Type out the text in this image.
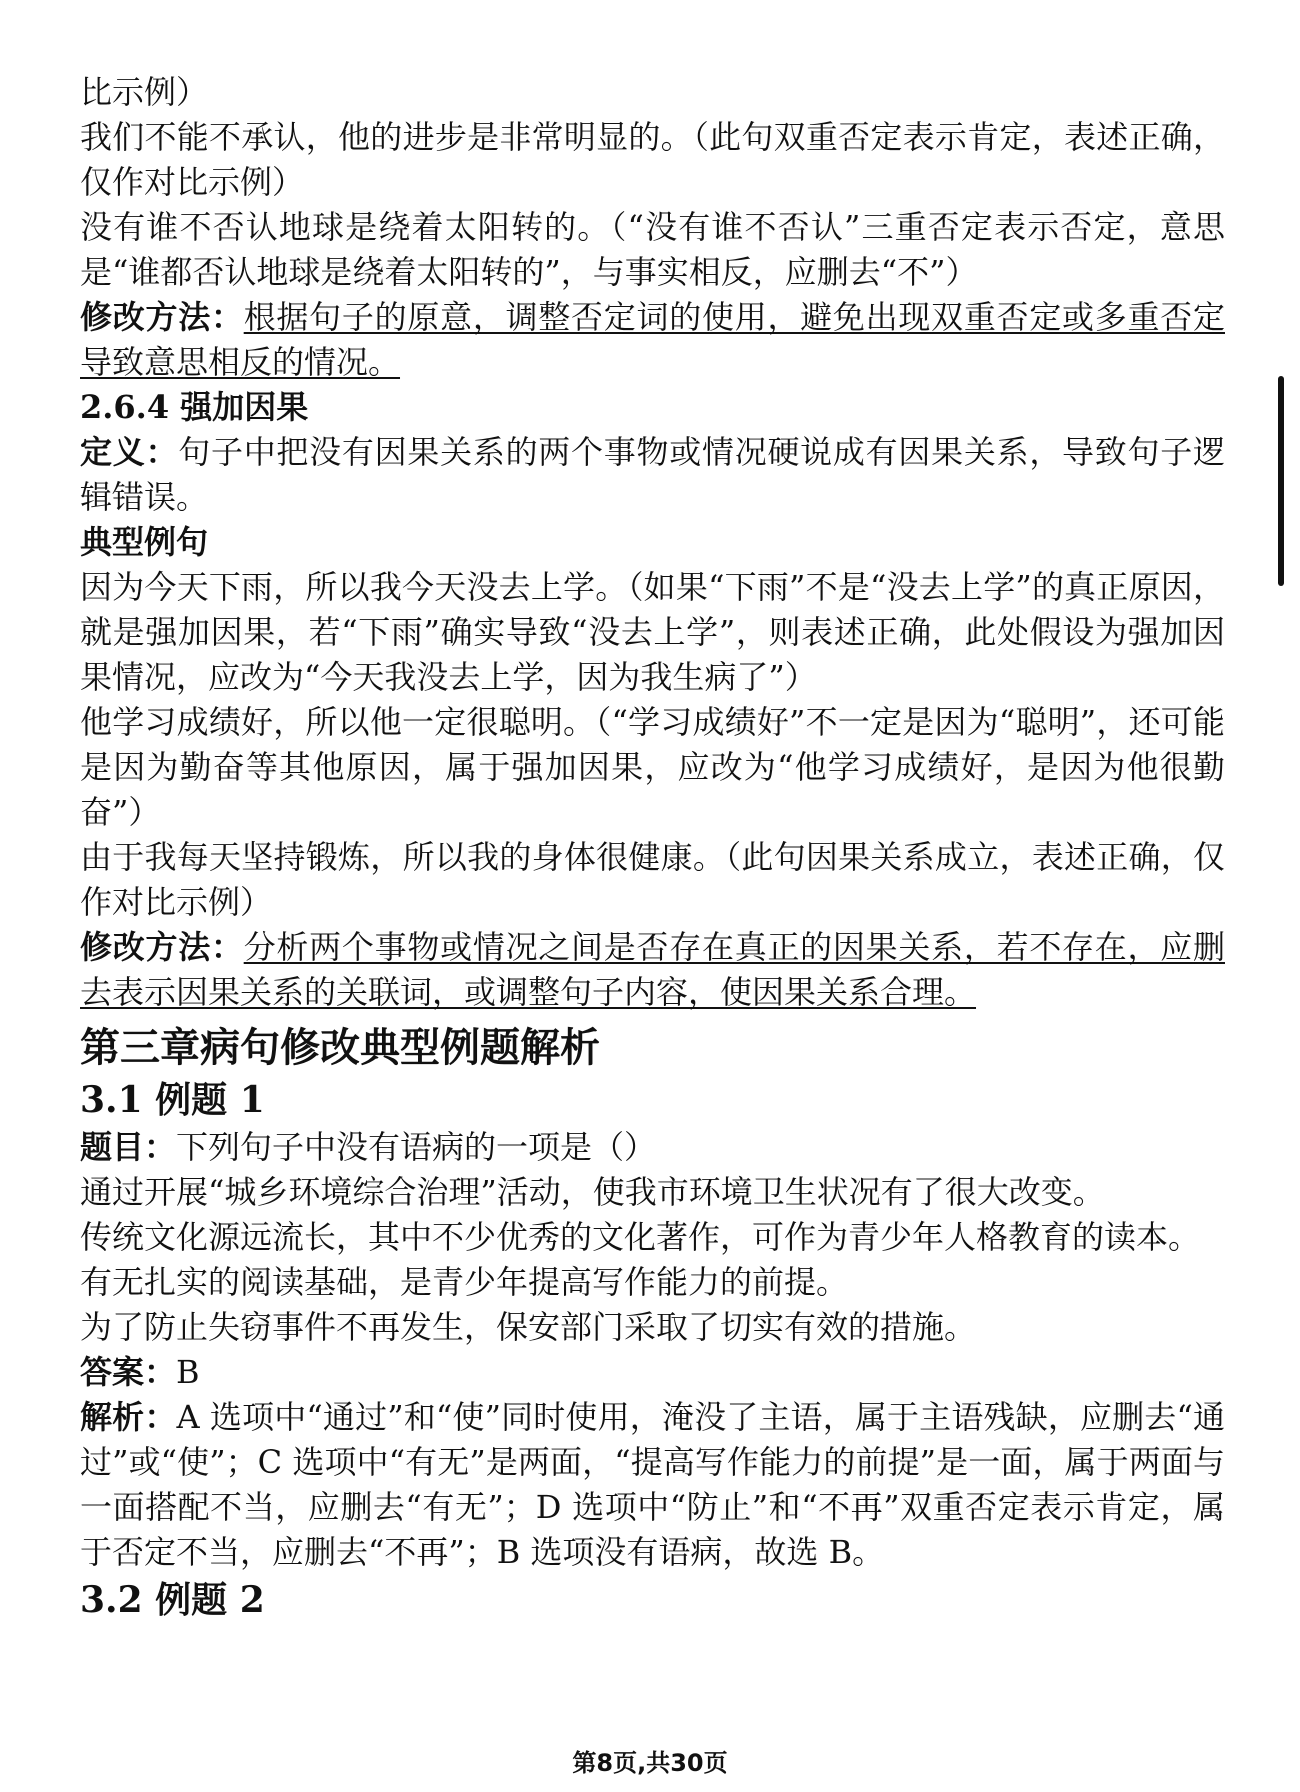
比示例）

我们不能不承认，他的进步是非常明显的。（此句双重否定表示肯定，表述正确，仅作对比示例）

没有谁不否认地球是绕着太阳转的。（“没有谁不否认”三重否定表示否定，意思是“谁都否认地球是绕着太阳转的”，与事实相反，应删去“不”）

修改方法：根据句子的原意，调整否定词的使用，避免出现双重否定或多重否定导致意思相反的情况。

2.6.4 强加因果

定义：句子中把没有因果关系的两个事物或情况硬说成有因果关系，导致句子逻辑错误。

典型例句

因为今天下雨，所以我今天没去上学。（如果“下雨”不是“没去上学”的真正原因，就是强加因果，若“下雨”确实导致“没去上学”，则表述正确，此处假设为强加因果情况，应改为“今天我没去上学，因为我生病了”）

他学习成绩好，所以他一定很聪明。（“学习成绩好”不一定是因为“聪明”，还可能是因为勤奋等其他原因，属于强加因果，应改为“他学习成绩好，是因为他很勤奋”）

由于我每天坚持锻炼，所以我的身体很健康。（此句因果关系成立，表述正确，仅作对比示例）

修改方法：分析两个事物或情况之间是否存在真正的因果关系，若不存在，应删去表示因果关系的关联词，或调整句子内容，使因果关系合理。

第三章病句修改典型例题解析

3.1 例题 1

题目：下列句子中没有语病的一项是（）

通过开展“城乡环境综合治理”活动，使我市环境卫生状况有了很大改变。

传统文化源远流长，其中不少优秀的文化著作，可作为青少年人格教育的读本。

有无扎实的阅读基础，是青少年提高写作能力的前提。

为了防止失窃事件不再发生，保安部门采取了切实有效的措施。

答案：B

解析：A 选项中“通过”和“使”同时使用，淹没了主语，属于主语残缺，应删去“通过”或“使”；C 选项中“有无”是两面，“提高写作能力的前提”是一面，属于两面与一面搭配不当，应删去“有无”；D 选项中“防止”和“不再”双重否定表示肯定，属于否定不当，应删去“不再”；B 选项没有语病，故选 B。

3.2 例题 2

第8页,共30页
